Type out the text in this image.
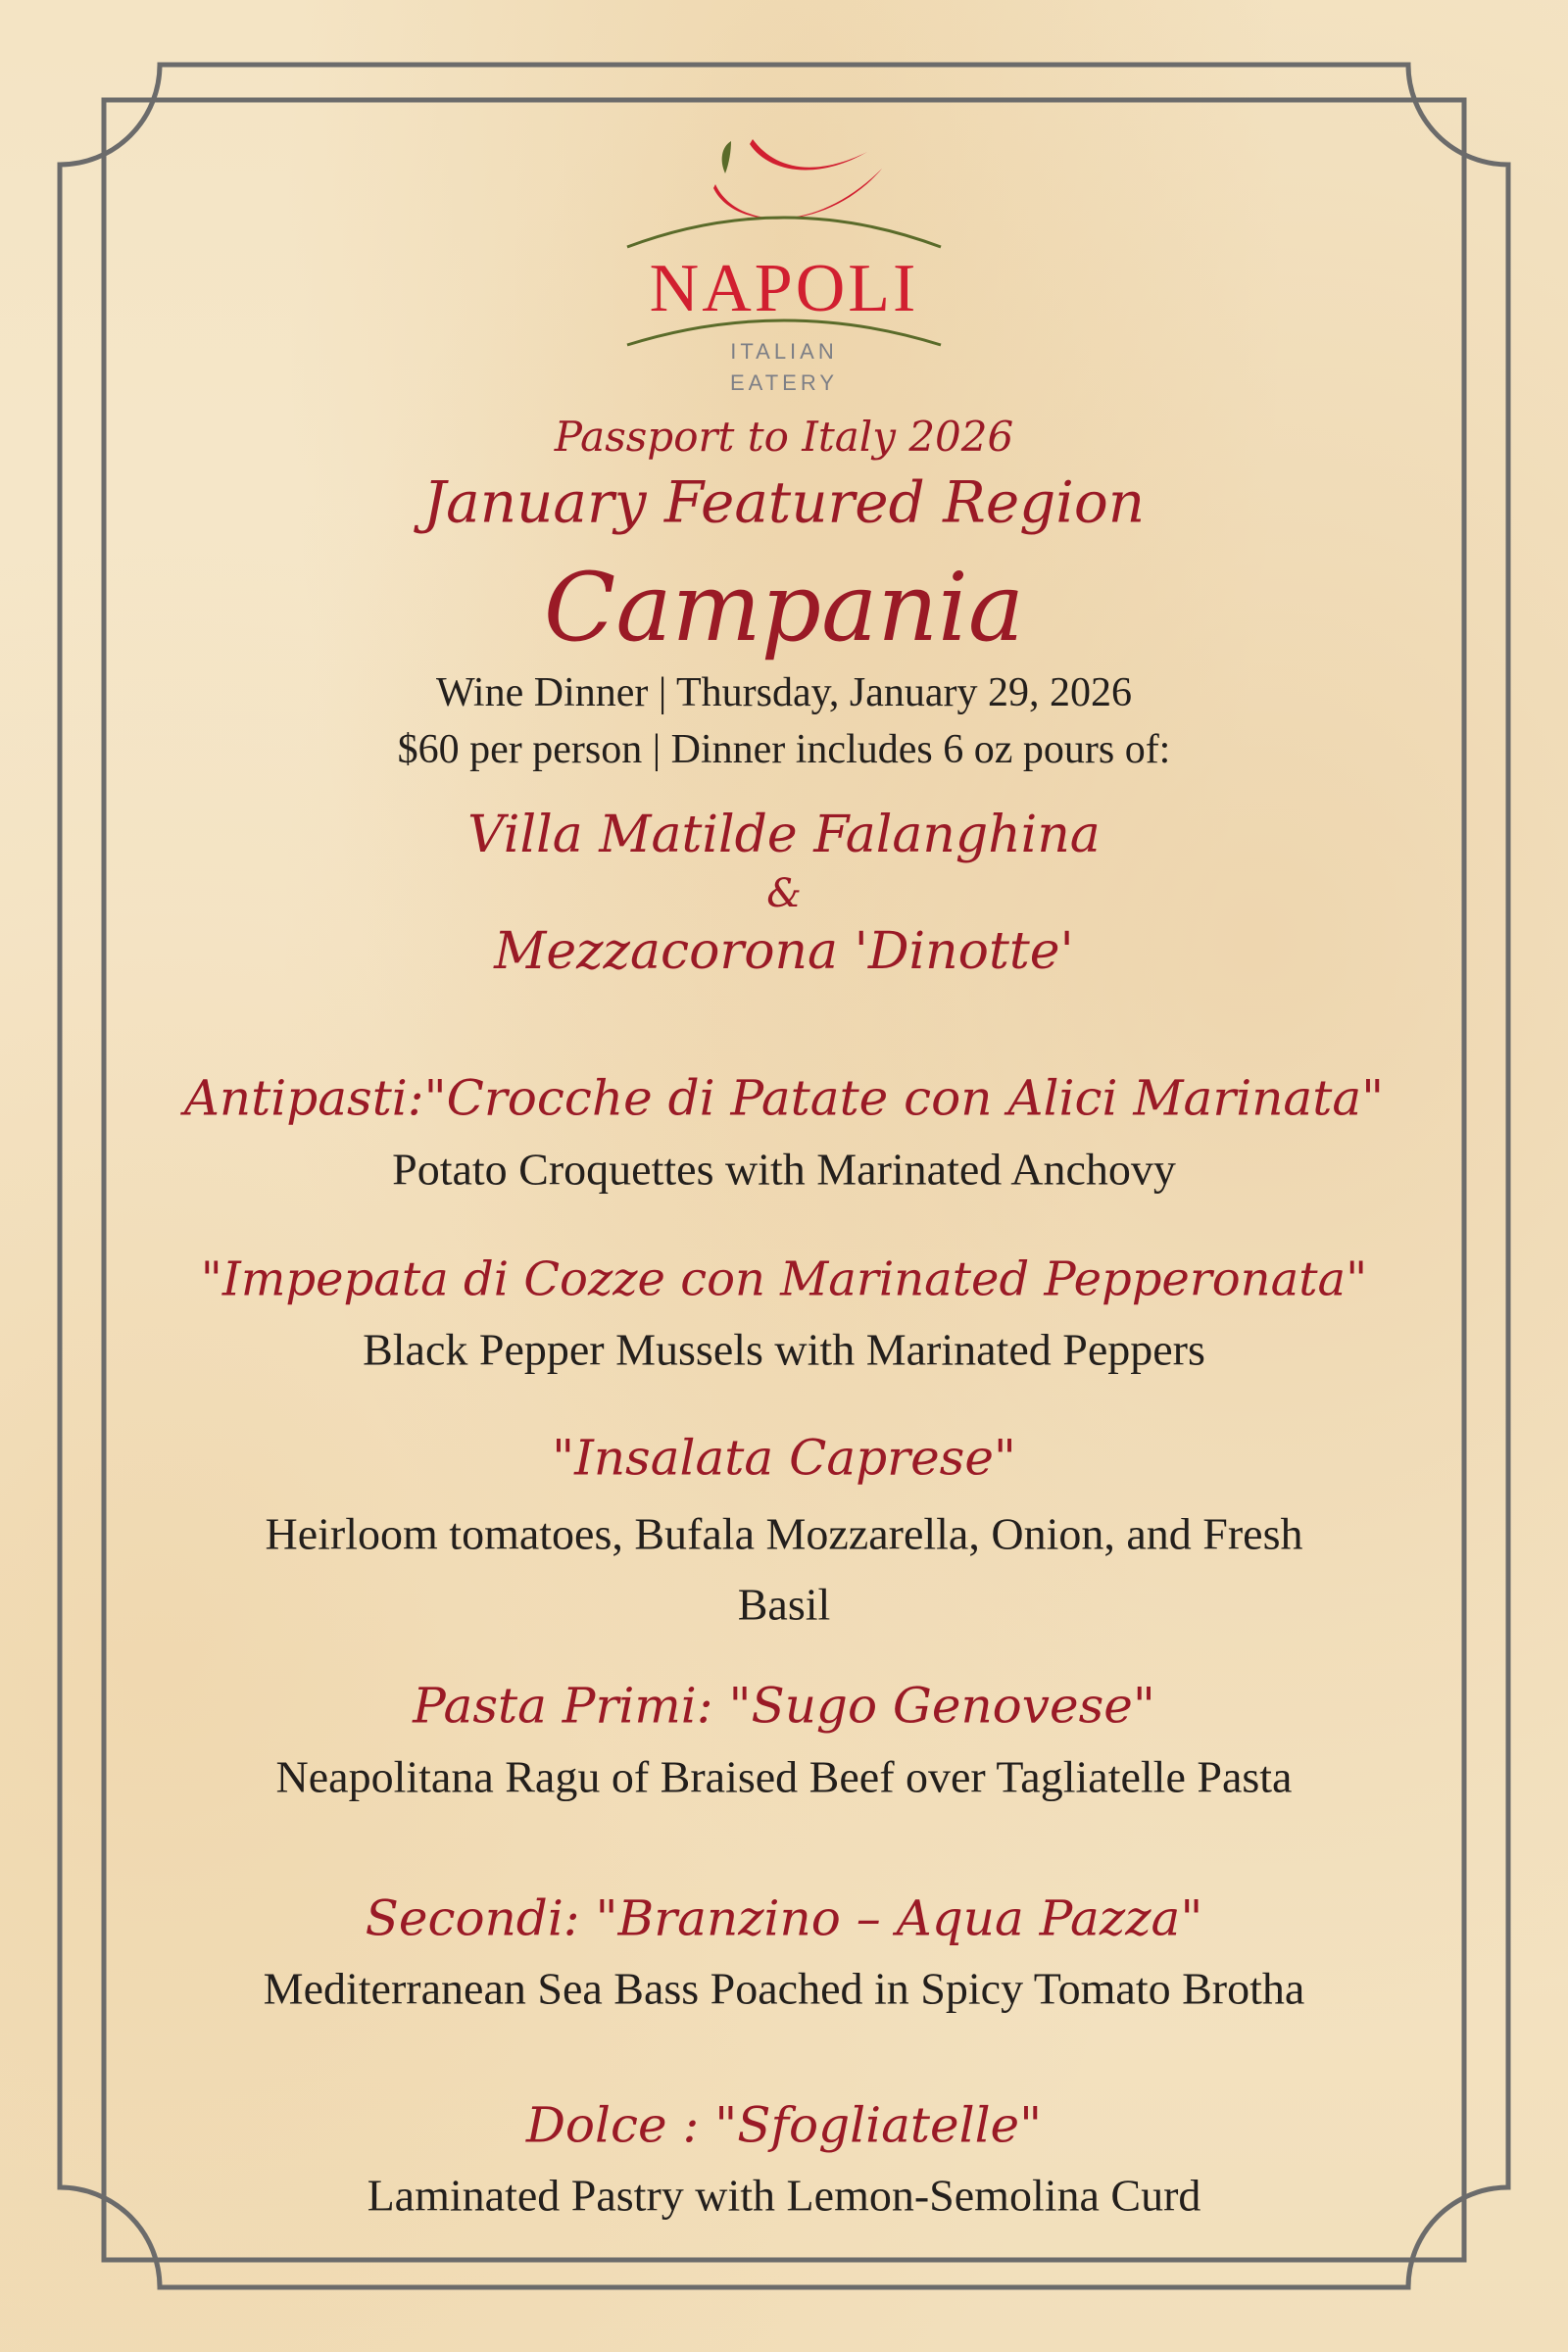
NAPOLI
ITALIAN
EATERY
Passport to Italy 2026
January Featured Region
Campania
Wine Dinner | Thursday, January 29, 2026
$60 per person | Dinner includes 6 oz pours of:
Villa Matilde Falanghina
&
Mezzacorona 'Dinotte'
Antipasti:"Crocche di Patate con Alici Marinata"
Potato Croquettes with Marinated Anchovy
"Impepata di Cozze con Marinated Pepperonata"
Black Pepper Mussels with Marinated Peppers
"Insalata Caprese"
Heirloom tomatoes, Bufala Mozzarella, Onion, and Fresh
Basil
Pasta Primi: "Sugo Genovese"
Neapolitana Ragu of Braised Beef over Tagliatelle Pasta
Secondi: "Branzino – Aqua Pazza"
Mediterranean Sea Bass Poached in Spicy Tomato Brotha
Dolce : "Sfogliatelle"
Laminated Pastry with Lemon-Semolina Curd
